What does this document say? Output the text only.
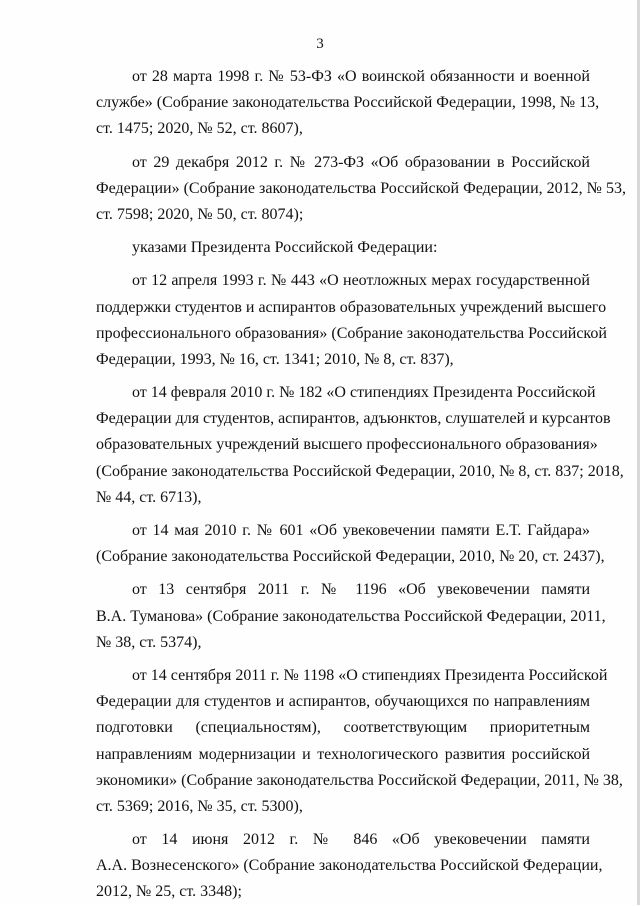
3
от 28 марта 1998 г. № 53-ФЗ «О воинской обязанности и военной
службе» (Собрание законодательства Российской Федерации, 1998, № 13,
ст. 1475; 2020, № 52, ст. 8607),
от 29 декабря 2012 г. № 273-ФЗ «Об образовании в Российской
Федерации» (Собрание законодательства Российской Федерации, 2012, № 53,
ст. 7598; 2020, № 50, ст. 8074);
указами Президента Российской Федерации:
от 12 апреля 1993 г. № 443 «О неотложных мерах государственной
поддержки студентов и аспирантов образовательных учреждений высшего
профессионального образования» (Собрание законодательства Российской
Федерации, 1993, № 16, ст. 1341; 2010, № 8, ст. 837),
от 14 февраля 2010 г. № 182 «О стипендиях Президента Российской
Федерации для студентов, аспирантов, адъюнктов, слушателей и курсантов
образовательных учреждений высшего профессионального образования»
(Собрание законодательства Российской Федерации, 2010, № 8, ст. 837; 2018,
№ 44, ст. 6713),
от 14 мая 2010 г. № 601 «Об увековечении памяти Е.Т. Гайдара»
(Собрание законодательства Российской Федерации, 2010, № 20, ст. 2437),
от 13 сентября 2011 г. № 1196 «Об увековечении памяти
В.А. Туманова» (Собрание законодательства Российской Федерации, 2011,
№ 38, ст. 5374),
от 14 сентября 2011 г. № 1198 «О стипендиях Президента Российской
Федерации для студентов и аспирантов, обучающихся по направлениям
подготовки (специальностям), соответствующим приоритетным
направлениям модернизации и технологического развития российской
экономики» (Собрание законодательства Российской Федерации, 2011, № 38,
ст. 5369; 2016, № 35, ст. 5300),
от 14 июня 2012 г. № 846 «Об увековечении памяти
А.А. Вознесенского» (Собрание законодательства Российской Федерации,
2012, № 25, ст. 3348);
